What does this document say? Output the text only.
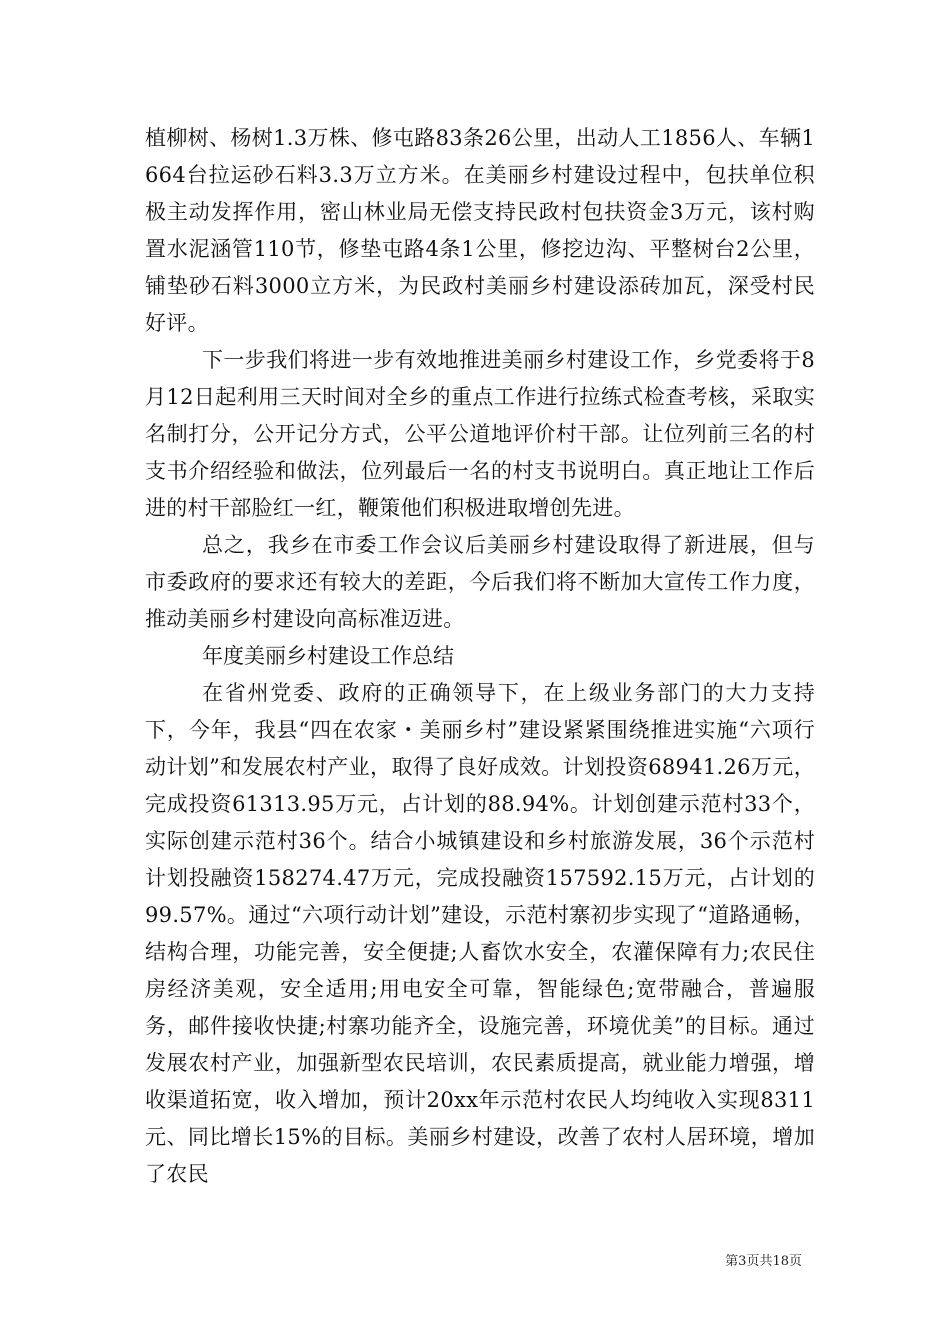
植柳树、杨树1.3万株、修屯路83条26公里，出动人工1856人、车辆1664台拉运砂石料3.3万立方米。在美丽乡村建设过程中，包扶单位积极主动发挥作用，密山林业局无偿支持民政村包扶资金3万元，该村购置水泥涵管110节，修垫屯路4条1公里，修挖边沟、平整树台2公里，铺垫砂石料3000立方米，为民政村美丽乡村建设添砖加瓦，深受村民好评。

下一步我们将进一步有效地推进美丽乡村建设工作，乡党委将于8月12日起利用三天时间对全乡的重点工作进行拉练式检查考核，采取实名制打分，公开记分方式，公平公道地评价村干部。让位列前三名的村支书介绍经验和做法，位列最后一名的村支书说明白。真正地让工作后进的村干部脸红一红，鞭策他们积极进取增创先进。

总之，我乡在市委工作会议后美丽乡村建设取得了新进展，但与市委政府的要求还有较大的差距，今后我们将不断加大宣传工作力度，推动美丽乡村建设向高标准迈进。

年度美丽乡村建设工作总结

在省州党委、政府的正确领导下，在上级业务部门的大力支持下，今年，我县“四在农家・美丽乡村”建设紧紧围绕推进实施“六项行动计划”和发展农村产业，取得了良好成效。计划投资68941.26万元，完成投资61313.95万元，占计划的88.94%。计划创建示范村33个，实际创建示范村36个。结合小城镇建设和乡村旅游发展，36个示范村计划投融资158274.47万元，完成投融资157592.15万元，占计划的99.57%。通过“六项行动计划”建设，示范村寨初步实现了“道路通畅，结构合理，功能完善，安全便捷;人畜饮水安全，农灌保障有力;农民住房经济美观，安全适用;用电安全可靠，智能绿色;宽带融合，普遍服务，邮件接收快捷;村寨功能齐全，设施完善，环境优美”的目标。通过发展农村产业，加强新型农民培训，农民素质提高，就业能力增强，增收渠道拓宽，收入增加，预计20xx年示范村农民人均纯收入实现8311元、同比增长15%的目标。美丽乡村建设，改善了农村人居环境，增加了农民

第3页共18页
